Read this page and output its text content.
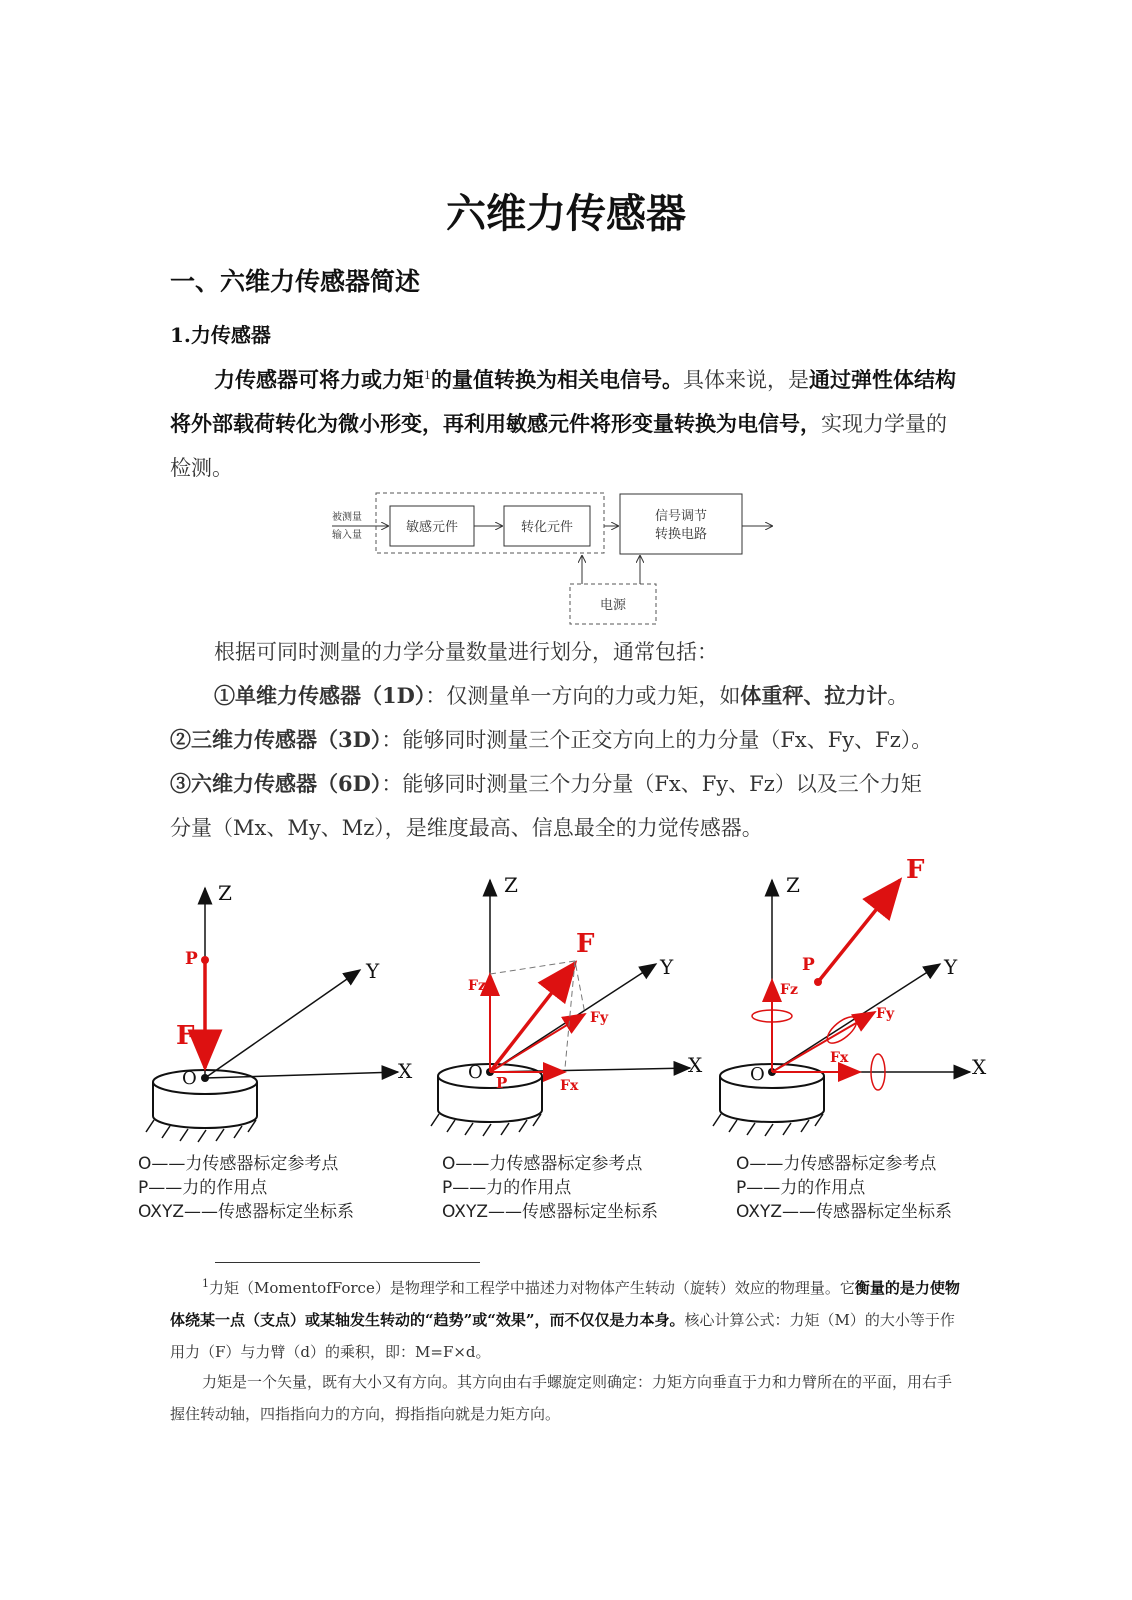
六维力传感器
一、六维力传感器简述
1.力传感器
力传感器可将力或力矩$^1$的量值转换为相关电信号。具体来说，是通过弹性体结构将外部载荷转化为微小形变，再利用敏感元件将形变量转换为电信号，实现力学量的检测。
被测量
输入量
敏感元件	转化元件
信号调节
转换电路
电源
根据可同时测量的力学分量数量进行划分，通常包括：
①单维力传感器（1D）：仅测量单一方向的力或力矩，如体重秤、拉力计。
②三维力传感器（3D）：能够同时测量三个正交方向上的力分量（Fx、Fy、Fz）。
③六维力传感器（6D）：能够同时测量三个力分量（Fx、Fy、Fz）以及三个力矩
分量（Mx、My、Mz），是维度最高、信息最全的力觉传感器。
Z
Y
X
O
P
F
Z
Y
X
O P
F
Fz
Fy
Fx
Z
Y
X
O
P
F
Fz
Fy
Fx
O——力传感器标定参考点
P——力的作用点
OXYZ——传感器标定坐标系
O——力传感器标定参考点
P——力的作用点
OXYZ——传感器标定坐标系
O——力传感器标定参考点
P——力的作用点
OXYZ——传感器标定坐标系
$^1$力矩（MomentofForce）是物理学和工程学中描述力对物体产生转动（旋转）效应的物理量。它衡量的是力使物体绕某一点（支点）或某轴发生转动的“趋势”或“效果”，而不仅仅是力本身。核心计算公式：力矩（M）的大小等于作用力（F）与力臂（d）的乘积，即：M=F×d。
力矩是一个矢量，既有大小又有方向。其方向由右手螺旋定则确定：力矩方向垂直于力和力臂所在的平面，用右手握住转动轴，四指指向力的方向，拇指指向就是力矩方向。
